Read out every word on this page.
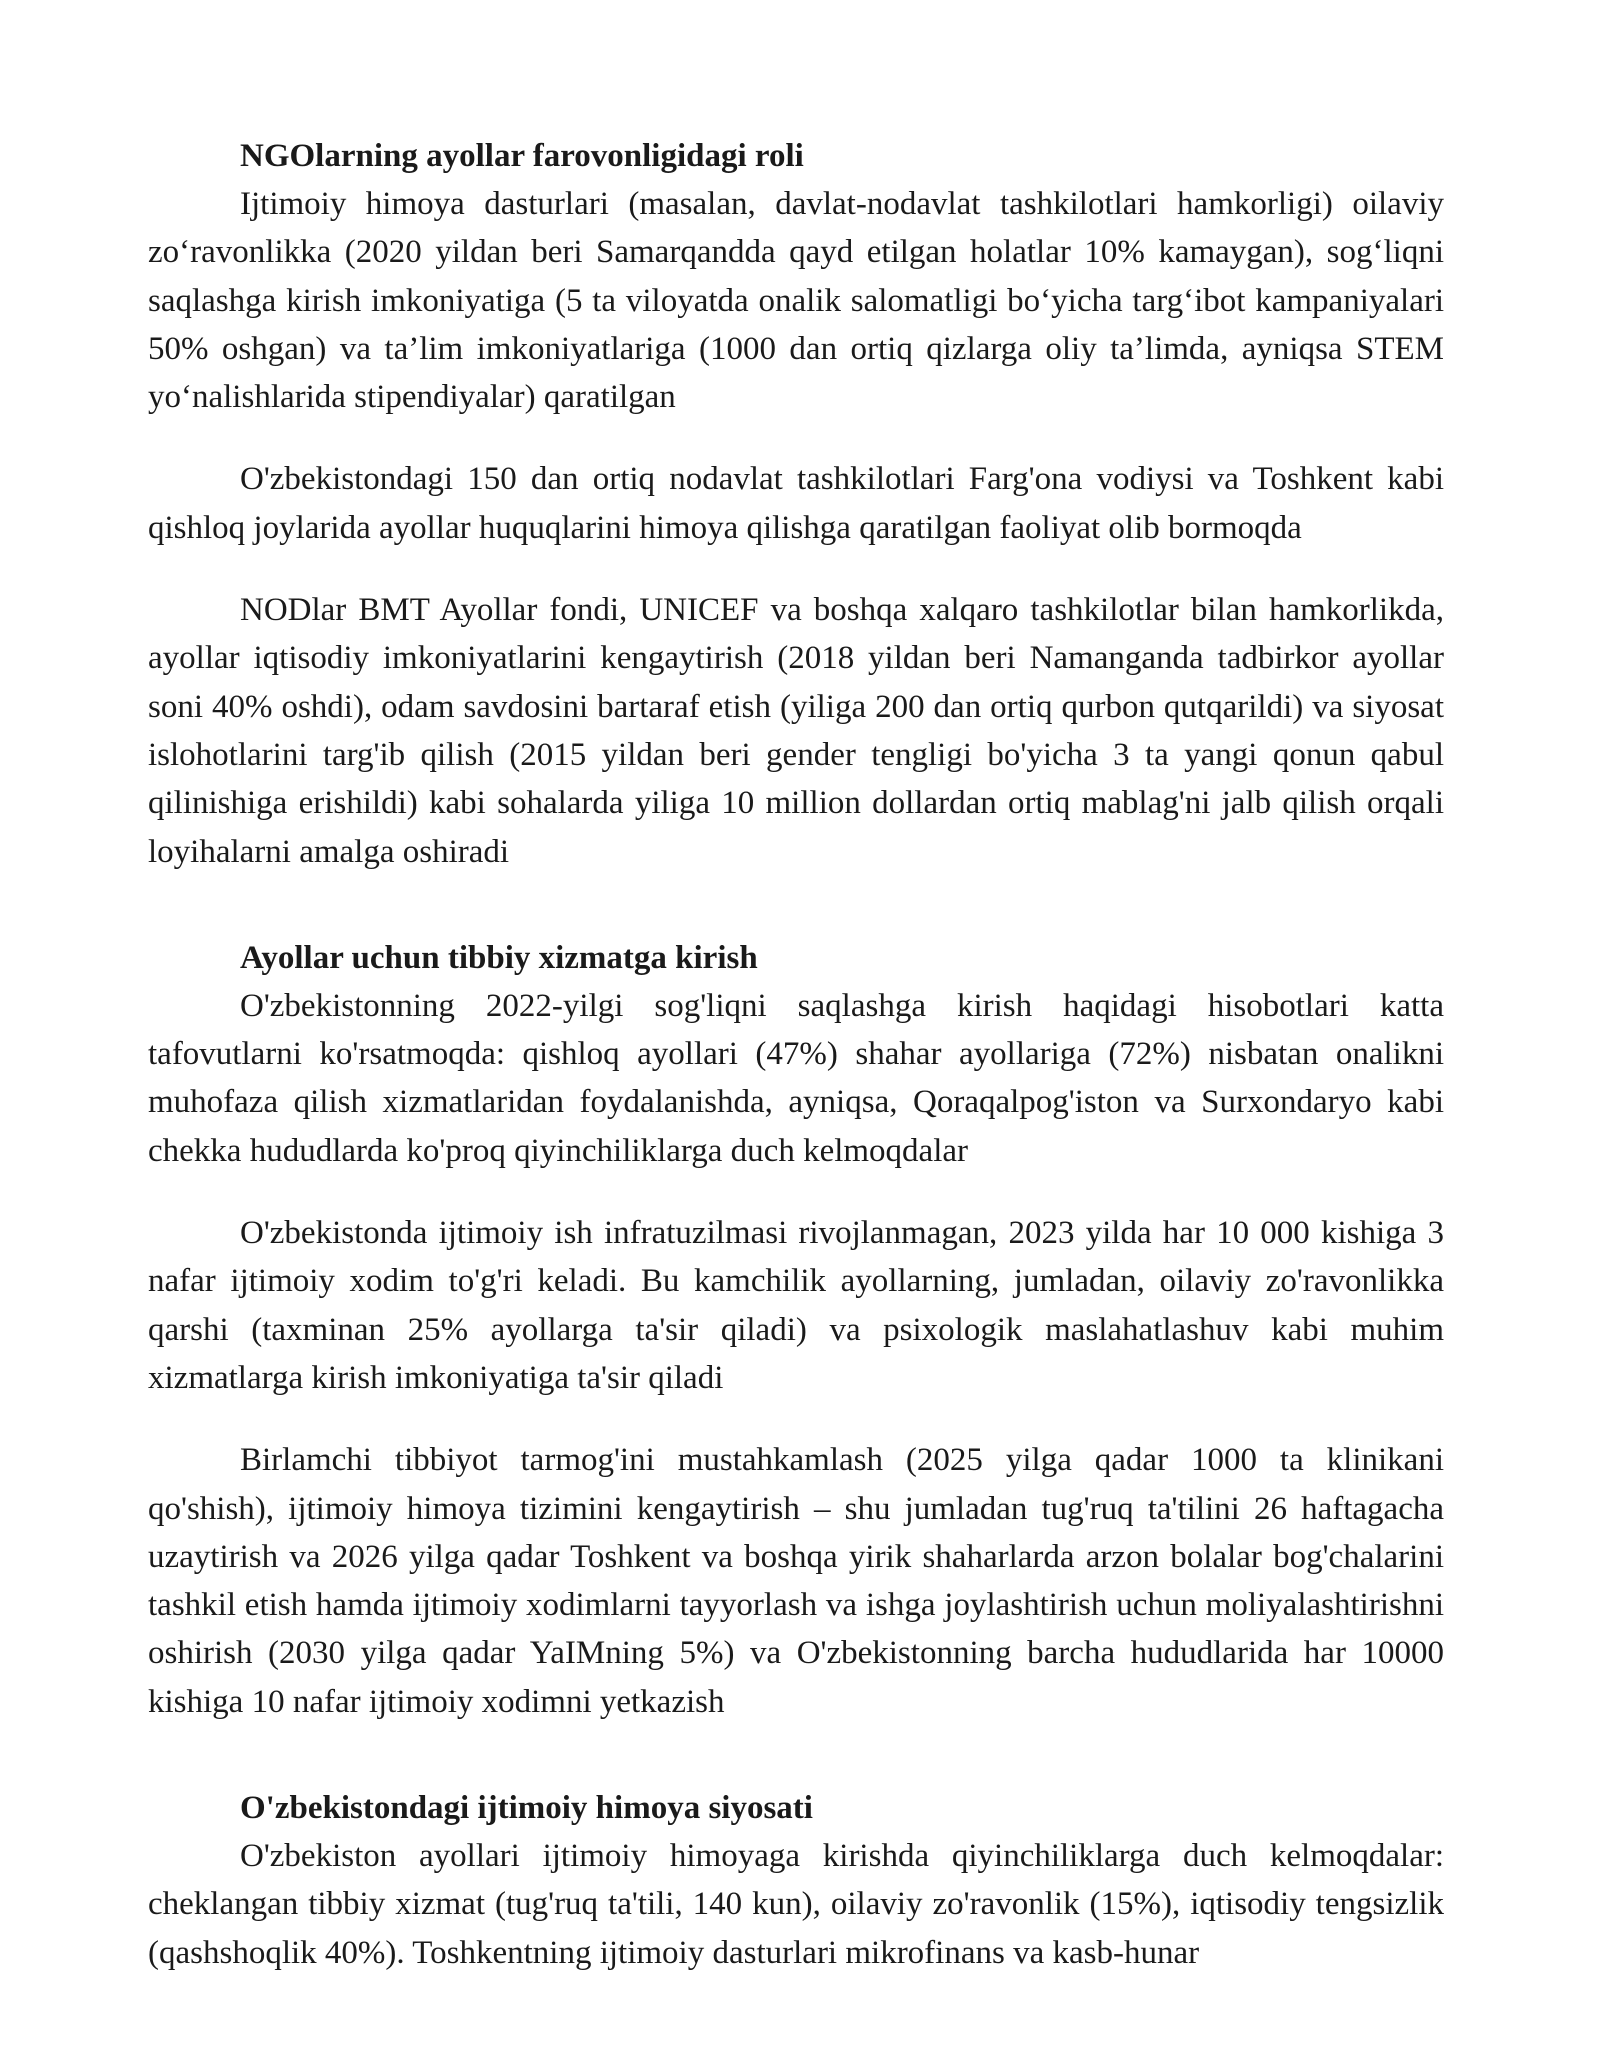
NGOlarning ayollar farovonligidagi roli

Ijtimoiy himoya dasturlari (masalan, davlat-nodavlat tashkilotlari hamkorligi) oilaviy zo‘ravonlikka (2020 yildan beri Samarqandda qayd etilgan holatlar 10% kamaygan), sog‘liqni saqlashga kirish imkoniyatiga (5 ta viloyatda onalik salomatligi bo‘yicha targ‘ibot kampaniyalari 50% oshgan) va ta’lim imkoniyatlariga (1000 dan ortiq qizlarga oliy ta’limda, ayniqsa STEM yo‘nalishlarida stipendiyalar) qaratilgan

O'zbekistondagi 150 dan ortiq nodavlat tashkilotlari Farg'ona vodiysi va Toshkent kabi qishloq joylarida ayollar huquqlarini himoya qilishga qaratilgan faoliyat olib bormoqda

NODlar BMT Ayollar fondi, UNICEF va boshqa xalqaro tashkilotlar bilan hamkorlikda, ayollar iqtisodiy imkoniyatlarini kengaytirish (2018 yildan beri Namanganda tadbirkor ayollar soni 40% oshdi), odam savdosini bartaraf etish (yiliga 200 dan ortiq qurbon qutqarildi) va siyosat islohotlarini targ'ib qilish (2015 yildan beri gender tengligi bo'yicha 3 ta yangi qonun qabul qilinishiga erishildi) kabi sohalarda yiliga 10 million dollardan ortiq mablag'ni jalb qilish orqali loyihalarni amalga oshiradi

Ayollar uchun tibbiy xizmatga kirish

O'zbekistonning 2022-yilgi sog'liqni saqlashga kirish haqidagi hisobotlari katta tafovutlarni ko'rsatmoqda: qishloq ayollari (47%) shahar ayollariga (72%) nisbatan onalikni muhofaza qilish xizmatlaridan foydalanishda, ayniqsa, Qoraqalpog'iston va Surxondaryo kabi chekka hududlarda ko'proq qiyinchiliklarga duch kelmoqdalar

O'zbekistonda ijtimoiy ish infratuzilmasi rivojlanmagan, 2023 yilda har 10 000 kishiga 3 nafar ijtimoiy xodim to'g'ri keladi. Bu kamchilik ayollarning, jumladan, oilaviy zo'ravonlikka qarshi (taxminan 25% ayollarga ta'sir qiladi) va psixologik maslahatlashuv kabi muhim xizmatlarga kirish imkoniyatiga ta'sir qiladi

Birlamchi tibbiyot tarmog'ini mustahkamlash (2025 yilga qadar 1000 ta klinikani qo'shish), ijtimoiy himoya tizimini kengaytirish – shu jumladan tug'ruq ta'tilini 26 haftagacha uzaytirish va 2026 yilga qadar Toshkent va boshqa yirik shaharlarda arzon bolalar bog'chalarini tashkil etish hamda ijtimoiy xodimlarni tayyorlash va ishga joylashtirish uchun moliyalashtirishni oshirish (2030 yilga qadar YaIMning 5%) va O'zbekistonning barcha hududlarida har 10000 kishiga 10 nafar ijtimoiy xodimni yetkazish

O'zbekistondagi ijtimoiy himoya siyosati

O'zbekiston ayollari ijtimoiy himoyaga kirishda qiyinchiliklarga duch kelmoqdalar: cheklangan tibbiy xizmat (tug'ruq ta'tili, 140 kun), oilaviy zo'ravonlik (15%), iqtisodiy tengsizlik (qashshoqlik 40%). Toshkentning ijtimoiy dasturlari mikrofinans va kasb-hunar
